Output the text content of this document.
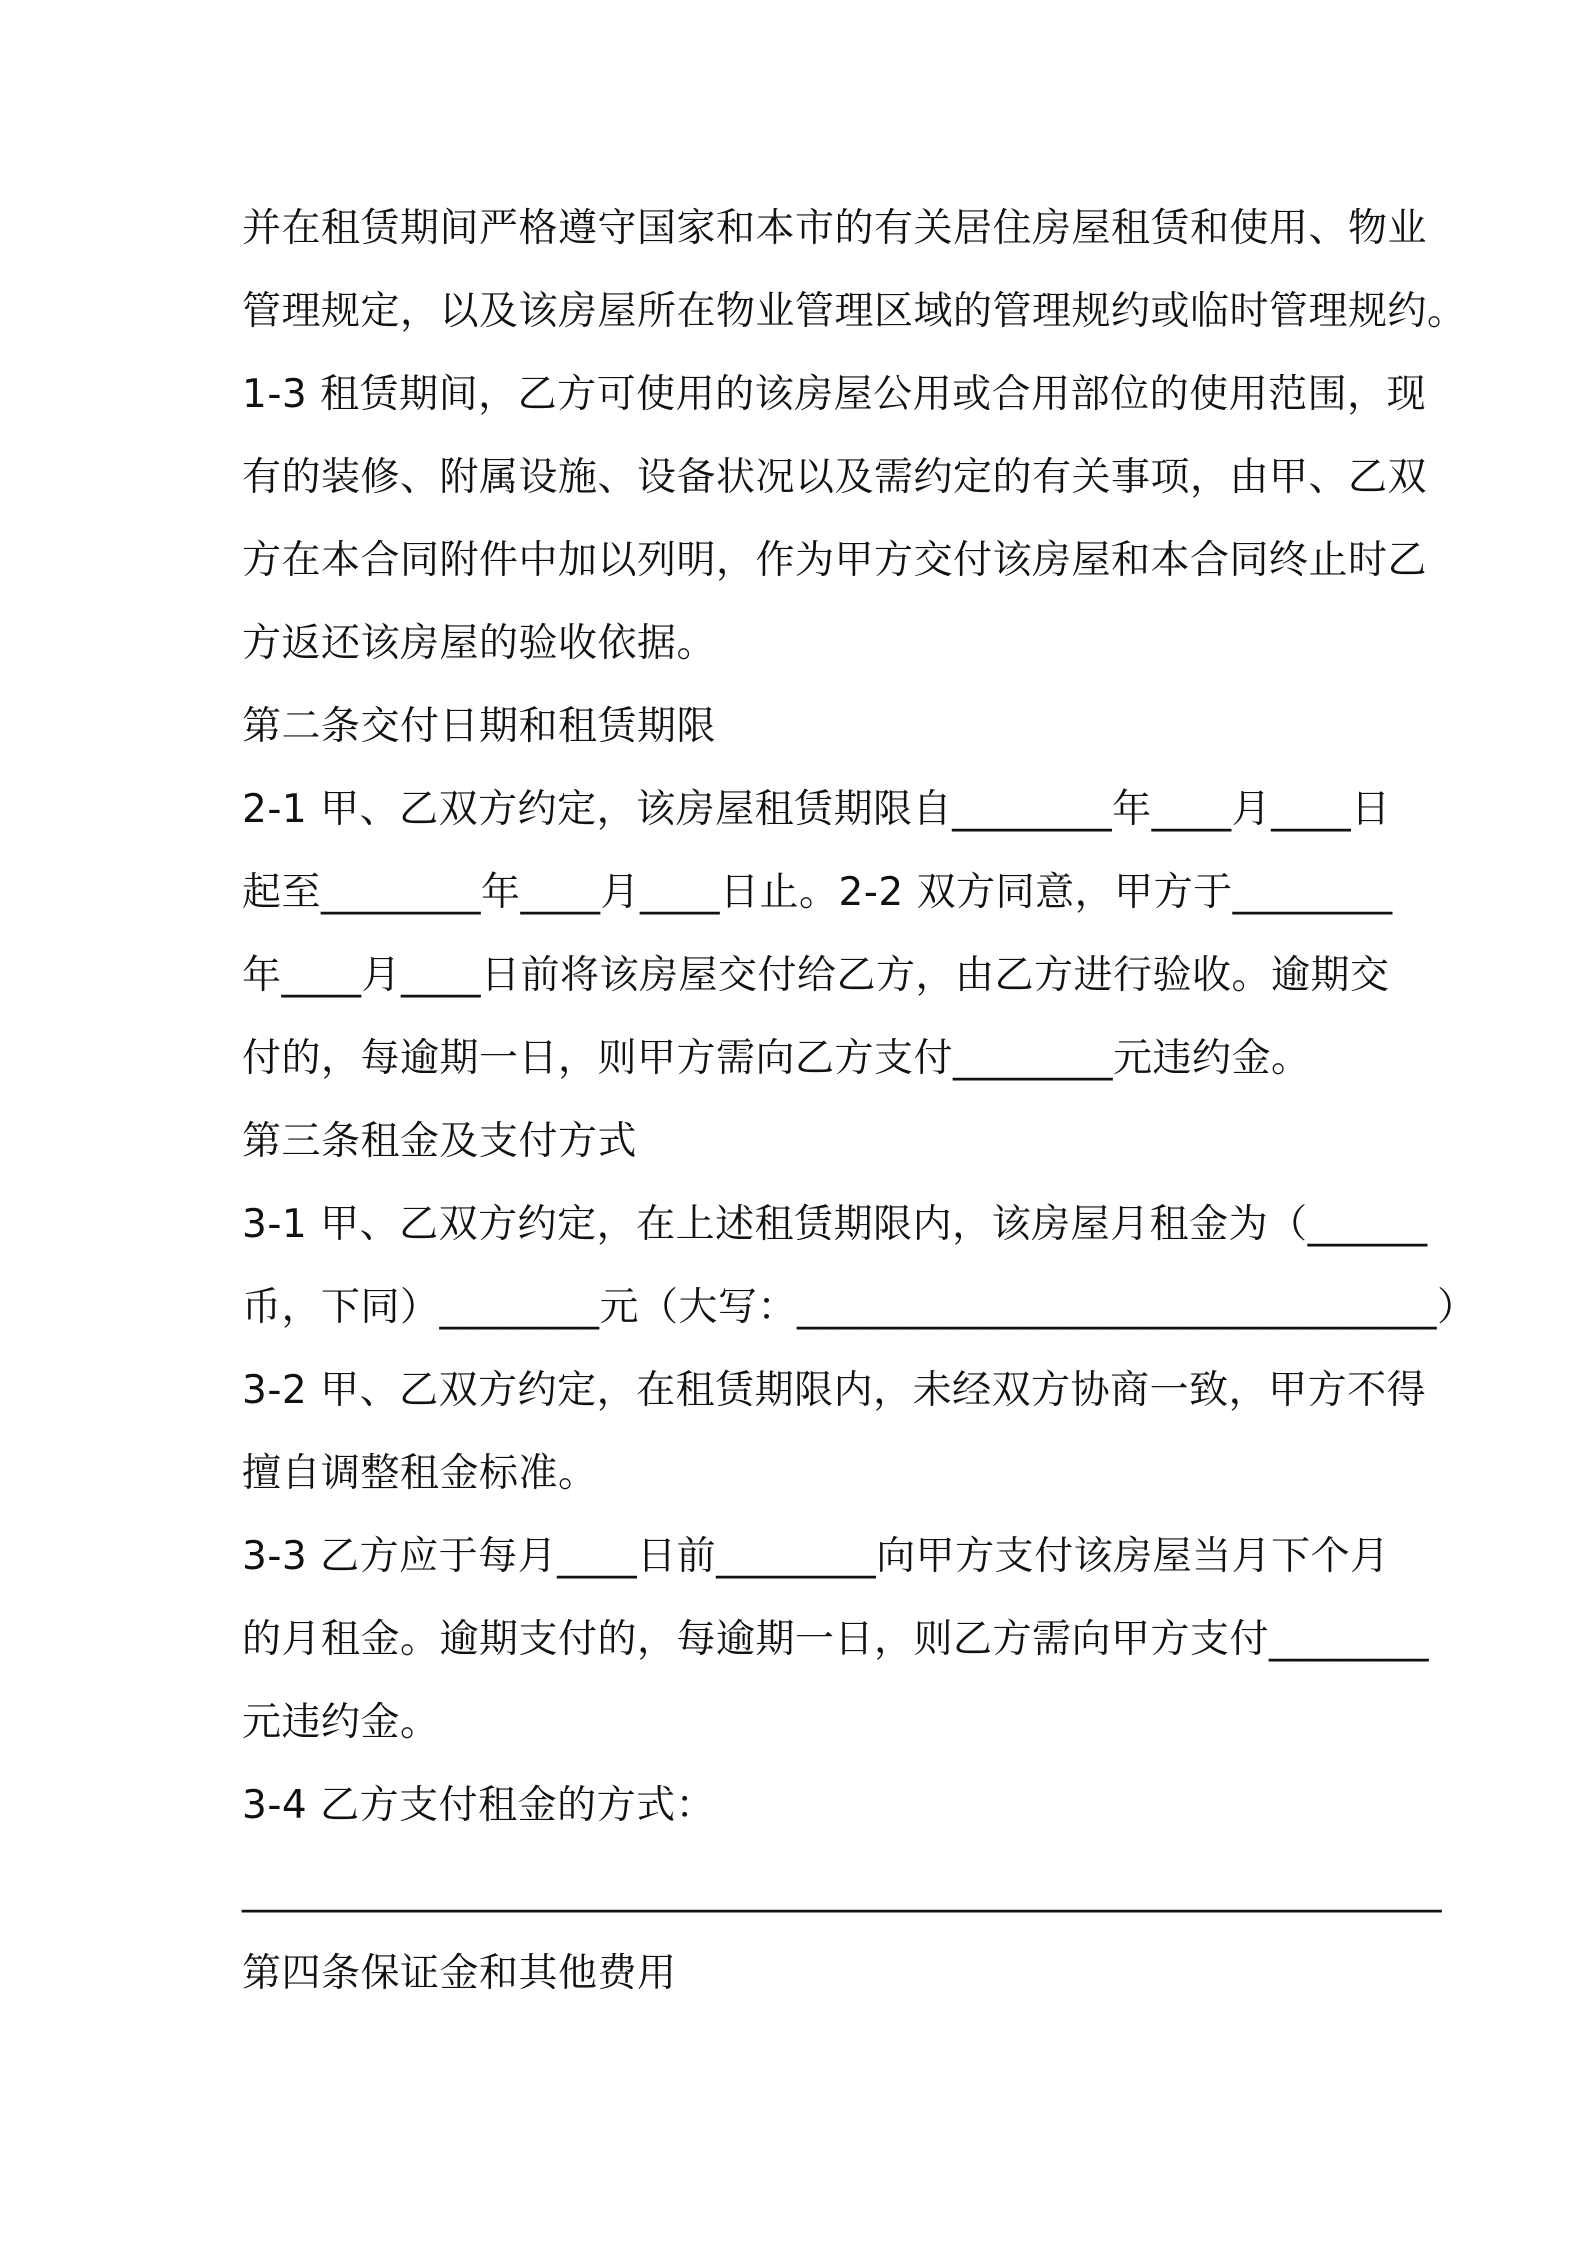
并在租赁期间严格遵守国家和本市的有关居住房屋租赁和使用、物业
管理规定，以及该房屋所在物业管理区域的管理规约或临时管理规约。
1-3 租赁期间，乙方可使用的该房屋公用或合用部位的使用范围，现
有的装修、附属设施、设备状况以及需约定的有关事项，由甲、乙双
方在本合同附件中加以列明，作为甲方交付该房屋和本合同终止时乙
方返还该房屋的验收依据。
第二条交付日期和租赁期限
2-1 甲、乙双方约定，该房屋租赁期限自________年____月____日
起至________年____月____日止。2-2 双方同意，甲方于________
年____月____日前将该房屋交付给乙方，由乙方进行验收。逾期交
付的，每逾期一日，则甲方需向乙方支付________元违约金。
第三条租金及支付方式
3-1 甲、乙双方约定，在上述租赁期限内，该房屋月租金为（______
币，下同）________元（大写：________________________________）
3-2 甲、乙双方约定，在租赁期限内，未经双方协商一致，甲方不得
擅自调整租金标准。
3-3 乙方应于每月____日前________向甲方支付该房屋当月下个月
的月租金。逾期支付的，每逾期一日，则乙方需向甲方支付________
元违约金。
3-4 乙方支付租金的方式：
____________________________________________________________
第四条保证金和其他费用
